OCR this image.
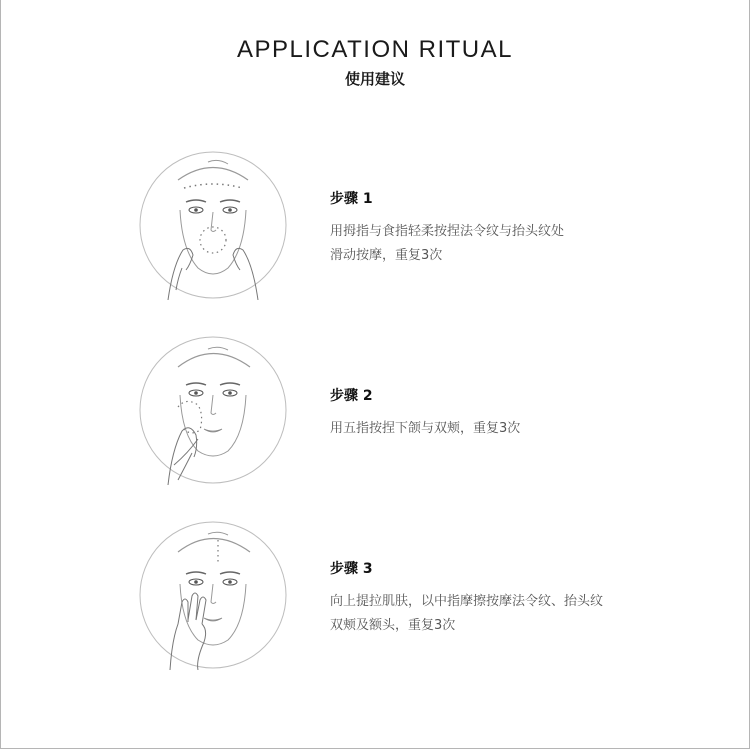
APPLICATION RITUAL
使用建议
步骤 1
用拇指与食指轻柔按捏法令纹与抬头纹处
滑动按摩，重复3次
步骤 2
用五指按捏下颌与双颊，重复3次
步骤 3
向上提拉肌肤，以中指摩擦按摩法令纹、抬头纹
双颊及额头，重复3次
